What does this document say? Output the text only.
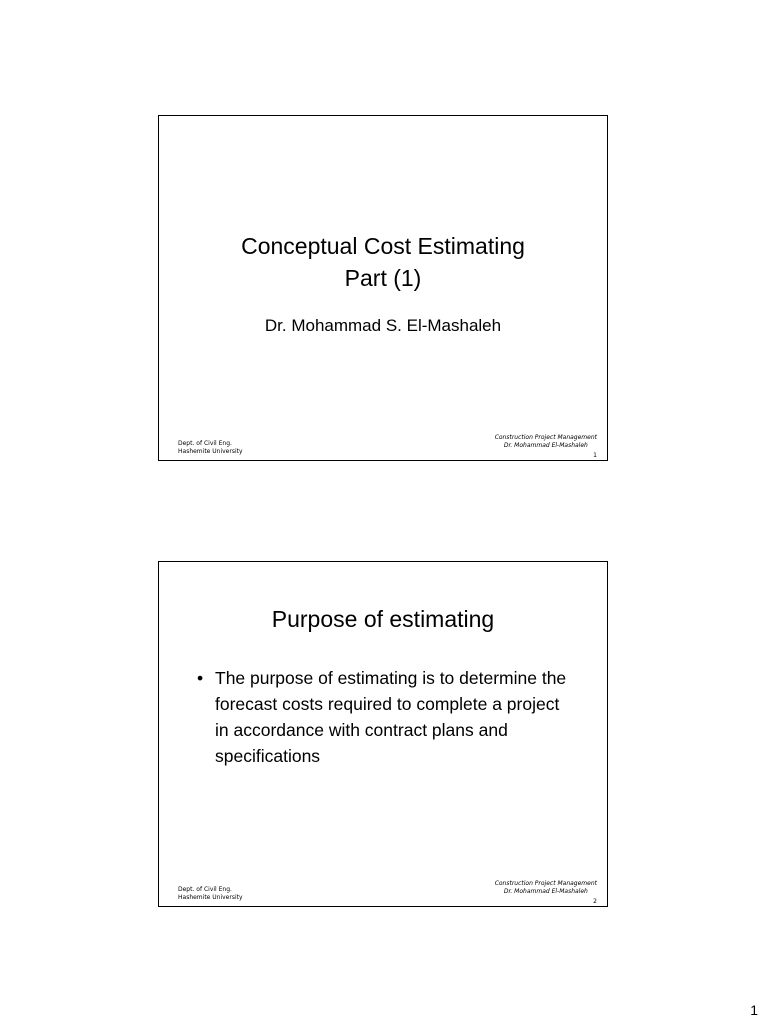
Conceptual Cost Estimating
Part (1)
Dr. Mohammad S. El-Mashaleh
Dept. of Civil Eng.
Hashemite University
Construction Project Management
Dr. Mohammad El-Mashaleh
1
Purpose of estimating
• The purpose of estimating is to determine the forecast costs required to complete a project in accordance with contract plans and specifications
Dept. of Civil Eng.
Hashemite University
Construction Project Management
Dr. Mohammad El-Mashaleh
2
1
